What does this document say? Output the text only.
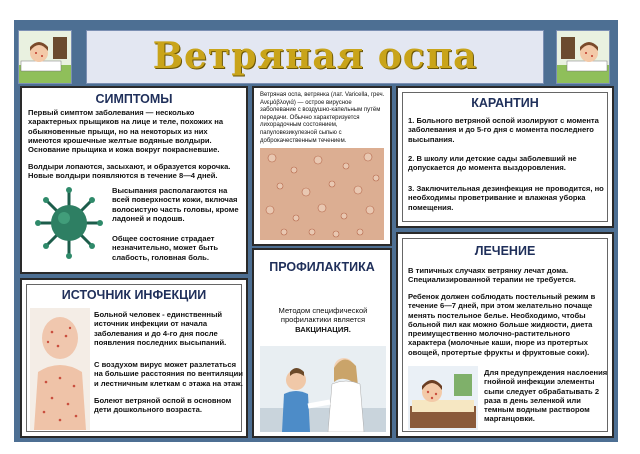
Ветряная оспа
СИМПТОМЫ
Первый симптом заболевания — несколько характерных прыщиков на лице и теле, похожих на обыкновенные прыщи, но на некоторых из них имеются крошечные желтые водяные волдыри. Основание прыщика и кожа вокруг покрасневшие.
Волдыри лопаются, засыхают, и образуется корочка. Новые волдыри появляются в течение 8—4 дней.
Высыпания располагаются на всей поверхности кожи, включая волосистую часть головы, кроме ладоней и подошв.
Общее состояние страдает незначительно, может быть слабость, головная боль.
Ветряная оспа, ветрянка (лат. Varicella, греч. Ανεμόβλογιά) — острое вирусное заболевание с воздушно-капельным путём передачи. Обычно характеризуется лихорадочным состоянием, папуловезикулезной сыпью с доброкачественным течением.
КАРАНТИН
1. Больного ветряной оспой изолируют с момента заболевания и до 5-го дня с момента последнего высыпания.
2. В школу или детские сады заболевший не допускается до момента выздоровления.
3. Заключительная дезинфекция не проводится, но необходимы проветривание и влажная уборка помещения.
ИСТОЧНИК ИНФЕКЦИИ
Больной человек - единственный источник инфекции от начала заболевания и до 4-го дня после появления последних высыпаний.
С воздухом вирус может разлетаться на большие расстояния по вентиляции и лестничным клеткам с этажа на этаж.
Болеют ветряной оспой в основном дети дошкольного возраста.
ПРОФИЛАКТИКА
Методом специфической профилактики является
ВАКЦИНАЦИЯ.
ЛЕЧЕНИЕ
В типичных случаях ветрянку лечат дома. Специализированной терапии не требуется.
Ребенок должен соблюдать постельный режим в течение 6—7 дней, при этом желательно почаще менять постельное белье. Необходимо, чтобы больной пил как можно больше жидкости, диета преимущественно молочно-растительного характера (молочные каши, пюре из протертых овощей, протертые фрукты и фруктовые соки).
Для предупреждения наслоения гнойной инфекции элементы сыпи следует обрабатывать 2 раза в день зеленкой или темным водным раствором марганцовки.
